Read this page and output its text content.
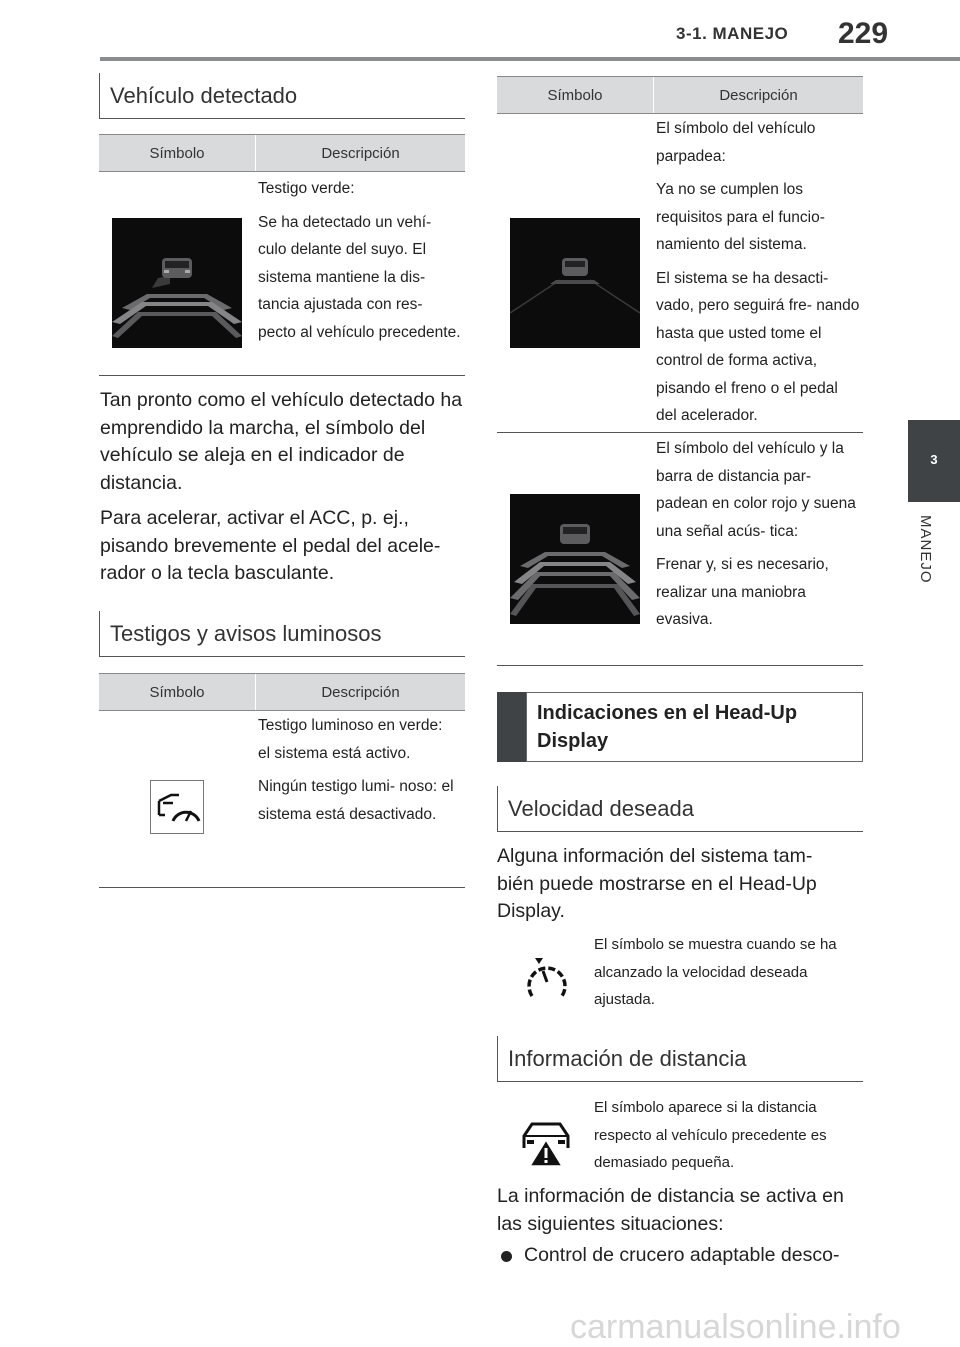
3-1. MANEJO 229
3
MANEJO
Vehículo detectado
Símbolo	Descripción

Testigo verde:

Se ha detectado un vehí- culo delante del suyo. El sistema mantiene la dis- tancia ajustada con res- pecto al vehículo precedente.

Tan pronto como el vehículo detectado ha emprendido la marcha, el símbolo del vehículo se aleja en el indicador de distancia.

Para acelerar, activar el ACC, p. ej., pisando brevemente el pedal del acele- rador o la tecla basculante.

Testigos y avisos luminosos
Símbolo	Descripción

Testigo luminoso en verde: el sistema está activo.

Ningún testigo lumi- noso: el sistema está desactivado.

Símbolo	Descripción

El símbolo del vehículo parpadea:

Ya no se cumplen los requisitos para el funcio- namiento del sistema.

El sistema se ha desacti- vado, pero seguirá fre- nando hasta que usted tome el control de forma activa, pisando el freno o el pedal del acelerador.

El símbolo del vehículo y la barra de distancia par- padean en color rojo y suena una señal acús- tica:

Frenar y, si es necesario, realizar una maniobra evasiva.

Indicaciones en el Head-Up Display
Velocidad deseada
Alguna información del sistema tam- bién puede mostrarse en el Head-Up Display.
El símbolo se muestra cuando se ha alcanzado la velocidad deseada ajustada.
Información de distancia
El símbolo aparece si la distancia respecto al vehículo precedente es demasiado pequeña.
La información de distancia se activa en las siguientes situaciones:
Control de crucero adaptable desco-
carmanualsonline.info
